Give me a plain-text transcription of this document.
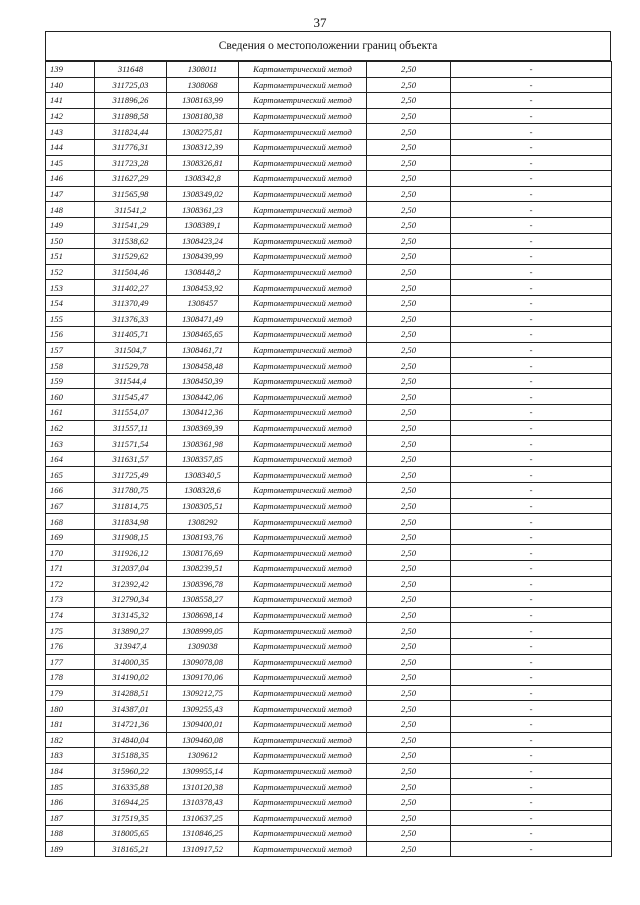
37
Сведения о местоположении границ объекта
139	311648	1308011	Картометрический метод	2,50	-
140	311725,03	1308068	Картометрический метод	2,50	-
141	311896,26	1308163,99	Картометрический метод	2,50	-
142	311898,58	1308180,38	Картометрический метод	2,50	-
143	311824,44	1308275,81	Картометрический метод	2,50	-
144	311776,31	1308312,39	Картометрический метод	2,50	-
145	311723,28	1308326,81	Картометрический метод	2,50	-
146	311627,29	1308342,8	Картометрический метод	2,50	-
147	311565,98	1308349,02	Картометрический метод	2,50	-
148	311541,2	1308361,23	Картометрический метод	2,50	-
149	311541,29	1308389,1	Картометрический метод	2,50	-
150	311538,62	1308423,24	Картометрический метод	2,50	-
151	311529,62	1308439,99	Картометрический метод	2,50	-
152	311504,46	1308448,2	Картометрический метод	2,50	-
153	311402,27	1308453,92	Картометрический метод	2,50	-
154	311370,49	1308457	Картометрический метод	2,50	-
155	311376,33	1308471,49	Картометрический метод	2,50	-
156	311405,71	1308465,65	Картометрический метод	2,50	-
157	311504,7	1308461,71	Картометрический метод	2,50	-
158	311529,78	1308458,48	Картометрический метод	2,50	-
159	311544,4	1308450,39	Картометрический метод	2,50	-
160	311545,47	1308442,06	Картометрический метод	2,50	-
161	311554,07	1308412,36	Картометрический метод	2,50	-
162	311557,11	1308369,39	Картометрический метод	2,50	-
163	311571,54	1308361,98	Картометрический метод	2,50	-
164	311631,57	1308357,85	Картометрический метод	2,50	-
165	311725,49	1308340,5	Картометрический метод	2,50	-
166	311780,75	1308328,6	Картометрический метод	2,50	-
167	311814,75	1308305,51	Картометрический метод	2,50	-
168	311834,98	1308292	Картометрический метод	2,50	-
169	311908,15	1308193,76	Картометрический метод	2,50	-
170	311926,12	1308176,69	Картометрический метод	2,50	-
171	312037,04	1308239,51	Картометрический метод	2,50	-
172	312392,42	1308396,78	Картометрический метод	2,50	-
173	312790,34	1308558,27	Картометрический метод	2,50	-
174	313145,32	1308698,14	Картометрический метод	2,50	-
175	313890,27	1308999,05	Картометрический метод	2,50	-
176	313947,4	1309038	Картометрический метод	2,50	-
177	314000,35	1309078,08	Картометрический метод	2,50	-
178	314190,02	1309170,06	Картометрический метод	2,50	-
179	314288,51	1309212,75	Картометрический метод	2,50	-
180	314387,01	1309255,43	Картометрический метод	2,50	-
181	314721,36	1309400,01	Картометрический метод	2,50	-
182	314840,04	1309460,08	Картометрический метод	2,50	-
183	315188,35	1309612	Картометрический метод	2,50	-
184	315960,22	1309955,14	Картометрический метод	2,50	-
185	316335,88	1310120,38	Картометрический метод	2,50	-
186	316944,25	1310378,43	Картометрический метод	2,50	-
187	317519,35	1310637,25	Картометрический метод	2,50	-
188	318005,65	1310846,25	Картометрический метод	2,50	-
189	318165,21	1310917,52	Картометрический метод	2,50	-
